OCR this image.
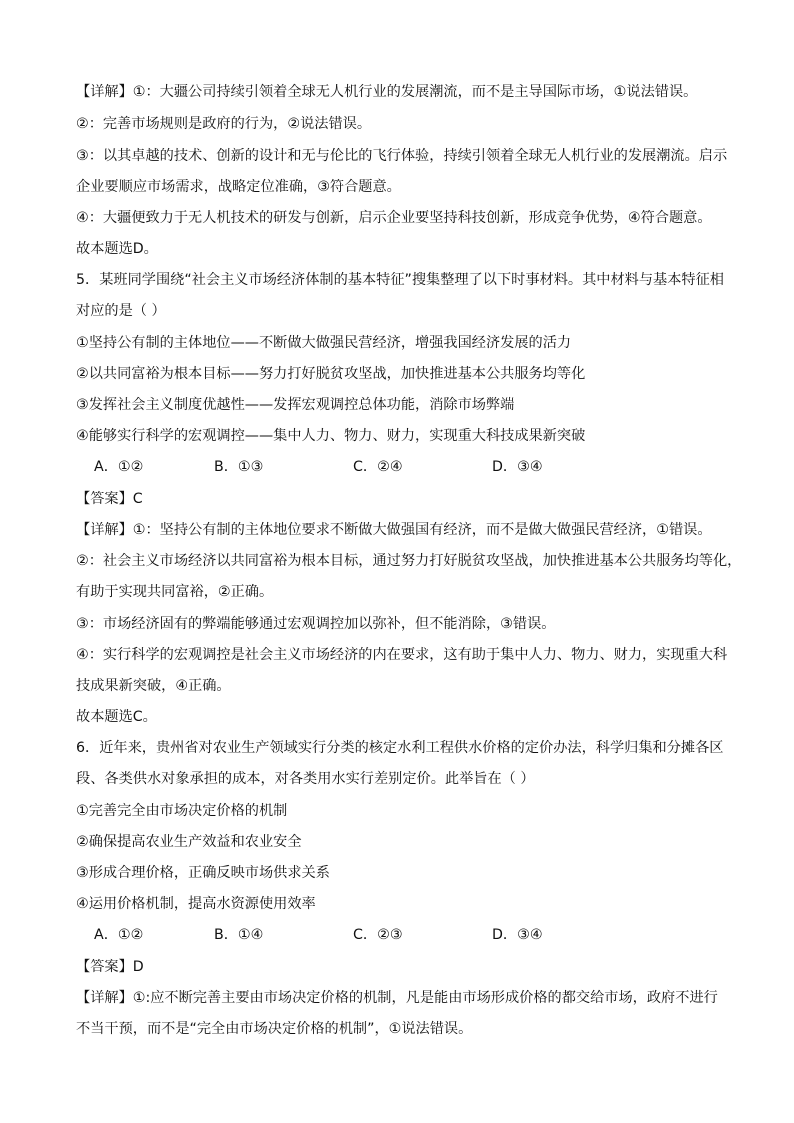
【详解】①：大疆公司持续引领着全球无人机行业的发展潮流，而不是主导国际市场，①说法错误。
②：完善市场规则是政府的行为，②说法错误。
③：以其卓越的技术、创新的设计和无与伦比的飞行体验，持续引领着全球无人机行业的发展潮流。启示
企业要顺应市场需求，战略定位准确，③符合题意。
④：大疆便致力于无人机技术的研发与创新，启示企业要坚持科技创新，形成竞争优势，④符合题意。
故本题选D。
5．某班同学围绕“社会主义市场经济体制的基本特征”搜集整理了以下时事材料。其中材料与基本特征相
对应的是（ ）
①坚持公有制的主体地位——不断做大做强民营经济，增强我国经济发展的活力
②以共同富裕为根本目标——努力打好脱贫攻坚战，加快推进基本公共服务均等化
③发挥社会主义制度优越性——发挥宏观调控总体功能，消除市场弊端
④能够实行科学的宏观调控——集中人力、物力、财力，实现重大科技成果新突破
A．①②	B．①③	C．②④	D．③④
【答案】C
【详解】①：坚持公有制的主体地位要求不断做大做强国有经济，而不是做大做强民营经济，①错误。
②：社会主义市场经济以共同富裕为根本目标，通过努力打好脱贫攻坚战，加快推进基本公共服务均等化，
有助于实现共同富裕，②正确。
③：市场经济固有的弊端能够通过宏观调控加以弥补，但不能消除，③错误。
④：实行科学的宏观调控是社会主义市场经济的内在要求，这有助于集中人力、物力、财力，实现重大科
技成果新突破，④正确。
故本题选C。
6．近年来，贵州省对农业生产领域实行分类的核定水利工程供水价格的定价办法，科学归集和分摊各区
段、各类供水对象承担的成本，对各类用水实行差别定价。此举旨在（ ）
①完善完全由市场决定价格的机制
②确保提高农业生产效益和农业安全
③形成合理价格，正确反映市场供求关系
④运用价格机制，提高水资源使用效率
A．①②	B．①④	C．②③	D．③④
【答案】D
【详解】①:应不断完善主要由市场决定价格的机制，凡是能由市场形成价格的都交给市场，政府不进行
不当干预，而不是“完全由市场决定价格的机制”，①说法错误。
